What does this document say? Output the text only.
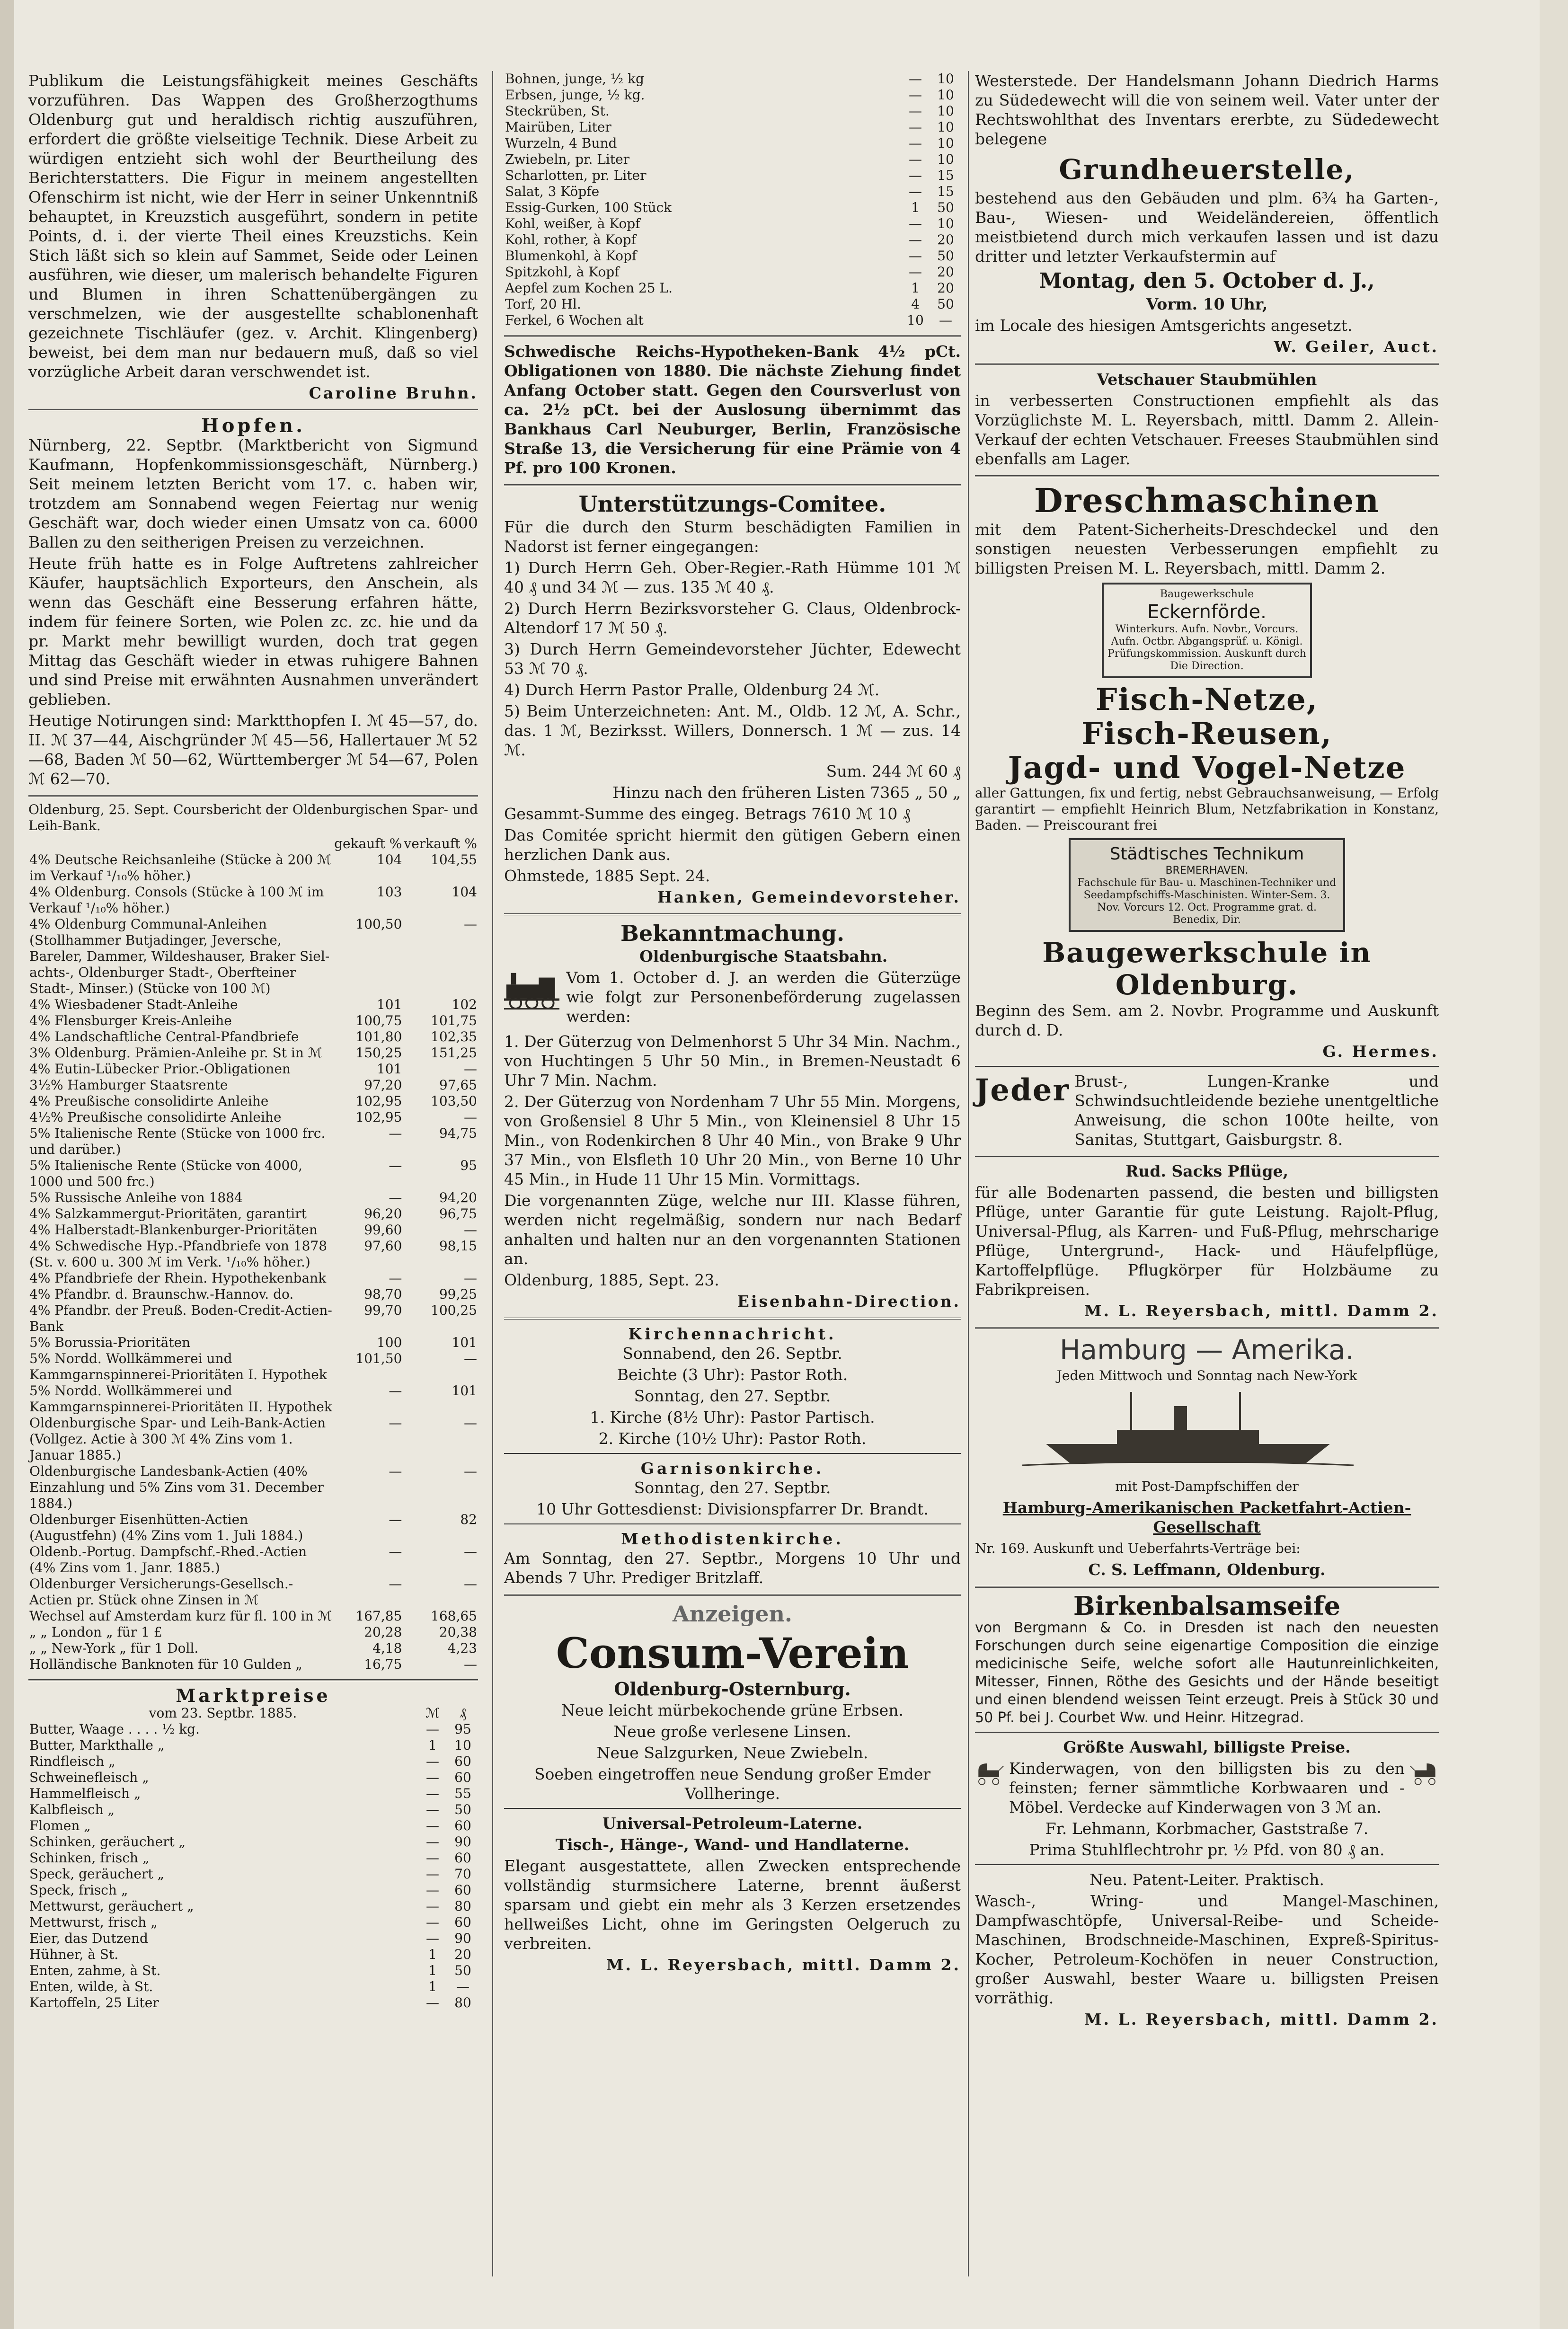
Publikum die Leistungsfähigkeit meines Geschäfts vorzuführen. Das Wappen des Großherzogthums Oldenburg gut und heraldisch richtig auszuführen, erfordert die größte vielseitige Technik. Diese Arbeit zu würdigen entzieht sich wohl der Beurtheilung des Berichterstatters. Die Figur in meinem angestellten Ofenschirm ist nicht, wie der Herr in seiner Unkenntniß behauptet, in Kreuzstich ausgeführt, sondern in petite Points, d. i. der vierte Theil eines Kreuzstichs. Kein Stich läßt sich so klein auf Sammet, Seide oder Leinen ausführen, wie dieser, um malerisch behandelte Figuren und Blumen in ihren Schattenübergängen zu verschmelzen, wie der ausgestellte schablonenhaft gezeichnete Tischläufer (gez. v. Archit. Klingenberg) beweist, bei dem man nur bedauern muß, daß so viel vorzügliche Arbeit daran verschwendet ist.

Caroline Bruhn.

Hopfen.

Nürnberg, 22. Septbr. (Marktbericht von Sigmund Kaufmann, Hopfenkommissionsgeschäft, Nürnberg.) Seit meinem letzten Bericht vom 17. c. haben wir, trotzdem am Sonnabend wegen Feiertag nur wenig Geschäft war, doch wieder einen Umsatz von ca. 6000 Ballen zu den seitherigen Preisen zu verzeichnen.

Heute früh hatte es in Folge Auftretens zahlreicher Käufer, hauptsächlich Exporteurs, den Anschein, als wenn das Geschäft eine Besserung erfahren hätte, indem für feinere Sorten, wie Polen zc. zc. hie und da pr. Markt mehr bewilligt wurden, doch trat gegen Mittag das Geschäft wieder in etwas ruhigere Bahnen und sind Preise mit erwähnten Ausnahmen unverändert geblieben.

Heutige Notirungen sind: Marktthopfen I. ℳ 45—57, do. II. ℳ 37—44, Aischgründer ℳ 45—56, Hallertauer ℳ 52—68, Baden ℳ 50—62, Württemberger ℳ 54—67, Polen ℳ 62—70.

Oldenburg, 25. Sept. Coursbericht der Oldenburgischen Spar- und Leih-Bank.

	gekauft %	verkauft %
4% Deutsche Reichsanleihe (Stücke à 200 ℳ im Verkauf ¹/₁₀% höher.)	104	104,55
4% Oldenburg. Consols (Stücke à 100 ℳ im Verkauf ¹/₁₀% höher.)	103	104
4% Oldenburg Communal-Anleihen (Stollhammer Butjadinger, Jeversche, Bareler, Dammer, Wildeshauser, Braker Siel-achts-, Oldenburger Stadt-, Oberfteiner Stadt-, Minser.) (Stücke von 100 ℳ)	100,50	—
4% Wiesbadener Stadt-Anleihe	101	102
4% Flensburger Kreis-Anleihe	100,75	101,75
4% Landschaftliche Central-Pfandbriefe	101,80	102,35
3% Oldenburg. Prämien-Anleihe pr. St in ℳ	150,25	151,25
4% Eutin-Lübecker Prior.-Obligationen	101	—
3½% Hamburger Staatsrente	97,20	97,65
4% Preußische consolidirte Anleihe	102,95	103,50
4½% Preußische consolidirte Anleihe	102,95	—
5% Italienische Rente (Stücke von 1000 frc. und darüber.)	—	94,75
5% Italienische Rente (Stücke von 4000, 1000 und 500 frc.)	—	95
5% Russische Anleihe von 1884	—	94,20
4% Salzkammergut-Prioritäten, garantirt	96,20	96,75
4% Halberstadt-Blankenburger-Prioritäten	99,60	—
4% Schwedische Hyp.-Pfandbriefe von 1878 (St. v. 600 u. 300 ℳ im Verk. ¹/₁₀% höher.)	97,60	98,15
4% Pfandbriefe der Rhein. Hypothekenbank	—	—
4% Pfandbr. d. Braunschw.-Hannov. do.	98,70	99,25
4% Pfandbr. der Preuß. Boden-Credit-Actien-Bank	99,70	100,25
5% Borussia-Prioritäten	100	101
5% Nordd. Wollkämmerei und Kammgarnspinnerei-Prioritäten I. Hypothek	101,50	—
5% Nordd. Wollkämmerei und Kammgarnspinnerei-Prioritäten II. Hypothek	—	101
Oldenburgische Spar- und Leih-Bank-Actien (Vollgez. Actie à 300 ℳ 4% Zins vom 1. Januar 1885.)	—	—
Oldenburgische Landesbank-Actien (40% Einzahlung und 5% Zins vom 31. December 1884.)	—	—
Oldenburger Eisenhütten-Actien (Augustfehn) (4% Zins vom 1. Juli 1884.)	—	82
Oldenb.-Portug. Dampfschf.-Rhed.-Actien (4% Zins vom 1. Janr. 1885.)	—	—
Oldenburger Versicherungs-Gesellsch.-Actien pr. Stück ohne Zinsen in ℳ	—	—
Wechsel auf Amsterdam kurz für fl. 100 in ℳ	167,85	168,65
„ „ London „ für 1 £	20,28	20,38
„ „ New-York „ für 1 Doll.	4,18	4,23
Holländische Banknoten für 10 Gulden „	16,75	—
Marktpreise
vom 23. Septbr. 1885.	ℳ	₰
Butter, Waage . . . . ½ kg.	—	95
Butter, Markthalle „	1	10
Rindfleisch „	—	60
Schweinefleisch „	—	60
Hammelfleisch „	—	55
Kalbfleisch „	—	50
Flomen „	—	60
Schinken, geräuchert „	—	90
Schinken, frisch „	—	60
Speck, geräuchert „	—	70
Speck, frisch „	—	60
Mettwurst, geräuchert „	—	80
Mettwurst, frisch „	—	60
Eier, das Dutzend	—	90
Hühner, à St.	1	20
Enten, zahme, à St.	1	50
Enten, wilde, à St.	1	—
Kartoffeln, 25 Liter	—	80
Bohnen, junge, ½ kg	—	10
Erbsen, junge, ½ kg.	—	10
Steckrüben, St.	—	10
Mairüben, Liter	—	10
Wurzeln, 4 Bund	—	10
Zwiebeln, pr. Liter	—	10
Scharlotten, pr. Liter	—	15
Salat, 3 Köpfe	—	15
Essig-Gurken, 100 Stück	1	50
Kohl, weißer, à Kopf	—	10
Kohl, rother, à Kopf	—	20
Blumenkohl, à Kopf	—	50
Spitzkohl, à Kopf	—	20
Aepfel zum Kochen 25 L.	1	20
Torf, 20 Hl.	4	50
Ferkel, 6 Wochen alt	10	—

Schwedische Reichs-Hypotheken-Bank 4½ pCt. Obligationen von 1880. Die nächste Ziehung findet Anfang October statt. Gegen den Coursverlust von ca. 2½ pCt. bei der Auslosung übernimmt das Bankhaus Carl Neuburger, Berlin, Französische Straße 13, die Versicherung für eine Prämie von 4 Pf. pro 100 Kronen.

Unterstützungs-Comitee.

Für die durch den Sturm beschädigten Familien in Nadorst ist ferner eingegangen:

1) Durch Herrn Geh. Ober-Regier.-Rath Hümme 101 ℳ 40 ₰ und 34 ℳ — zus. 135 ℳ 40 ₰.

2) Durch Herrn Bezirksvorsteher G. Claus, Oldenbrock-Altendorf 17 ℳ 50 ₰.

3) Durch Herrn Gemeindevorsteher Jüchter, Edewecht 53 ℳ 70 ₰.

4) Durch Herrn Pastor Pralle, Oldenburg 24 ℳ.

5) Beim Unterzeichneten: Ant. M., Oldb. 12 ℳ, A. Schr., das. 1 ℳ, Bezirksst. Willers, Donnersch. 1 ℳ — zus. 14 ℳ.

Sum. 244 ℳ 60 ₰

Hinzu nach den früheren Listen 7365 „ 50 „

Gesammt-Summe des eingeg. Betrags 7610 ℳ 10 ₰

Das Comitée spricht hiermit den gütigen Gebern einen herzlichen Dank aus.

Ohmstede, 1885 Sept. 24.

Hanken, Gemeindevorsteher.

Bekanntmachung.

Oldenburgische Staatsbahn.

Vom 1. October d. J. an werden die Güterzüge wie folgt zur Personenbeförderung zugelassen werden:

1. Der Güterzug von Delmenhorst 5 Uhr 34 Min. Nachm., von Huchtingen 5 Uhr 50 Min., in Bremen-Neustadt 6 Uhr 7 Min. Nachm.

2. Der Güterzug von Nordenham 7 Uhr 55 Min. Morgens, von Großensiel 8 Uhr 5 Min., von Kleinensiel 8 Uhr 15 Min., von Rodenkirchen 8 Uhr 40 Min., von Brake 9 Uhr 37 Min., von Elsfleth 10 Uhr 20 Min., von Berne 10 Uhr 45 Min., in Hude 11 Uhr 15 Min. Vormittags.

Die vorgenannten Züge, welche nur III. Klasse führen, werden nicht regelmäßig, sondern nur nach Bedarf anhalten und halten nur an den vorgenannten Stationen an.

Oldenburg, 1885, Sept. 23.

Eisenbahn-Direction.

Kirchennachricht.

Sonnabend, den 26. Septbr.

Beichte (3 Uhr): Pastor Roth.

Sonntag, den 27. Septbr.

1. Kirche (8½ Uhr): Pastor Partisch.

2. Kirche (10½ Uhr): Pastor Roth.

Garnisonkirche.

Sonntag, den 27. Septbr.

10 Uhr Gottesdienst: Divisionspfarrer Dr. Brandt.

Methodistenkirche.

Am Sonntag, den 27. Septbr., Morgens 10 Uhr und Abends 7 Uhr. Prediger Britzlaff.

Anzeigen.
Consum-Verein

Oldenburg-Osternburg.

Neue leicht mürbekochende grüne Erbsen.

Neue große verlesene Linsen.

Neue Salzgurken, Neue Zwiebeln.

Soeben eingetroffen neue Sendung großer Emder Vollheringe.

Universal-Petroleum-Laterne.

Tisch-, Hänge-, Wand- und Handlaterne.

Elegant ausgestattete, allen Zwecken entsprechende vollständig sturmsichere Laterne, brennt äußerst sparsam und giebt ein mehr als 3 Kerzen ersetzendes hellweißes Licht, ohne im Geringsten Oelgeruch zu verbreiten.

M. L. Reyersbach, mittl. Damm 2.

Westerstede. Der Handelsmann Johann Diedrich Harms zu Südedewecht will die von seinem weil. Vater unter der Rechtswohlthat des Inventars ererbte, zu Südedewecht belegene

Grundheuerstelle,

bestehend aus den Gebäuden und plm. 6¾ ha Garten-, Bau-, Wiesen- und Weideländereien, öffentlich meistbietend durch mich verkaufen lassen und ist dazu dritter und letzter Verkaufstermin auf

Montag, den 5. October d. J.,

Vorm. 10 Uhr,

im Locale des hiesigen Amtsgerichts angesetzt.

W. Geiler, Auct.

Vetschauer Staubmühlen

in verbesserten Constructionen empfiehlt als das Vorzüglichste M. L. Reyersbach, mittl. Damm 2. Allein-Verkauf der echten Vetschauer. Freeses Staubmühlen sind ebenfalls am Lager.

Dreschmaschinen

mit dem Patent-Sicherheits-Dreschdeckel und den sonstigen neuesten Verbesserungen empfiehlt zu billigsten Preisen M. L. Reyersbach, mittl. Damm 2.

Baugewerkschule
Eckernförde.
Winterkurs. Aufn. Novbr., Vorcurs. Aufn. Octbr. Abgangsprüf. u. Königl. Prüfungskommission. Auskunft durch Die Direction.
Fisch-Netze,
Fisch-Reusen,
Jagd- und Vogel-Netze

aller Gattungen, fix und fertig, nebst Gebrauchsanweisung, — Erfolg garantirt — empfiehlt Heinrich Blum, Netzfabrikation in Konstanz, Baden. — Preiscourant frei

Städtisches Technikum
BREMERHAVEN.
Fachschule für Bau- u. Maschinen-Techniker und Seedampfschiffs-Maschinisten. Winter-Sem. 3. Nov. Vorcurs 12. Oct. Programme grat. d. Benedix, Dir.
Baugewerkschule in Oldenburg.

Beginn des Sem. am 2. Novbr. Programme und Auskunft durch d. D.

G. Hermes.

Jeder Brust-, Lungen-Kranke und Schwindsuchtleidende beziehe unentgeltliche Anweisung, die schon 100te heilte, von Sanitas, Stuttgart, Gaisburgstr. 8.

Rud. Sacks Pflüge,

für alle Bodenarten passend, die besten und billigsten Pflüge, unter Garantie für gute Leistung. Rajolt-Pflug, Universal-Pflug, als Karren- und Fuß-Pflug, mehrscharige Pflüge, Untergrund-, Hack- und Häufelpflüge, Kartoffelpflüge. Pflugkörper für Holzbäume zu Fabrikpreisen.

M. L. Reyersbach, mittl. Damm 2.

Hamburg — Amerika.

Jeden Mittwoch und Sonntag nach New-York

mit Post-Dampfschiffen der

Hamburg-Amerikanischen Packetfahrt-Actien-Gesellschaft

Nr. 169. Auskunft und Ueberfahrts-Verträge bei:

C. S. Leffmann, Oldenburg.

Birkenbalsamseife

von Bergmann & Co. in Dresden ist nach den neuesten Forschungen durch seine eigenartige Composition die einzige medicinische Seife, welche sofort alle Hautunreinlichkeiten, Mitesser, Finnen, Röthe des Gesichts und der Hände beseitigt und einen blendend weissen Teint erzeugt. Preis à Stück 30 und 50 Pf. bei J. Courbet Ww. und Heinr. Hitzegrad.

Größte Auswahl, billigste Preise.

Kinderwagen, von den billigsten bis zu den feinsten; ferner sämmtliche Korbwaaren und -Möbel. Verdecke auf Kinderwagen von 3 ℳ an.

Fr. Lehmann, Korbmacher, Gaststraße 7.

Prima Stuhlflechtrohr pr. ½ Pfd. von 80 ₰ an.

Neu. Patent-Leiter. Praktisch.

Wasch-, Wring- und Mangel-Maschinen, Dampfwaschtöpfe, Universal-Reibe- und Scheide-Maschinen, Brodschneide-Maschinen, Expreß-Spiritus-Kocher, Petroleum-Kochöfen in neuer Construction, großer Auswahl, bester Waare u. billigsten Preisen vorräthig.

M. L. Reyersbach, mittl. Damm 2.
